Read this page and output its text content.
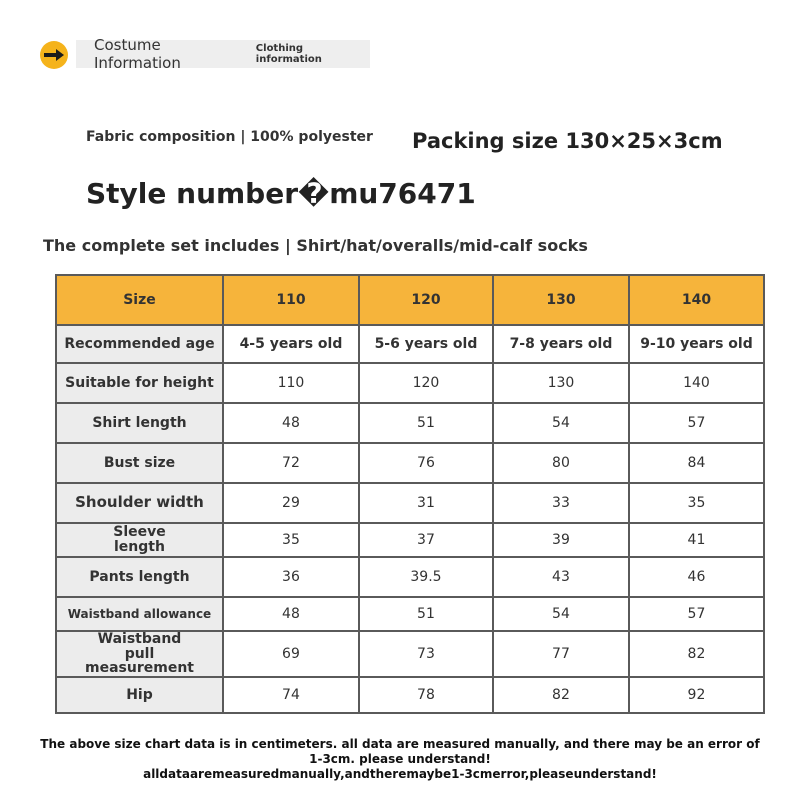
Costume Information
Clothing information
Fabric composition | 100% polyester Packing size 130×25×3cm
Style number�mu76471
The complete set includes | Shirt/hat/overalls/mid-calf socks
Size	110	120	130	140
Recommended age	4-5 years old	5-6 years old	7-8 years old	9-10 years old
Suitable for height	110	120	130	140
Shirt length	48	51	54	57
Bust size	72	76	80	84
Shoulder width	29	31	33	35
Sleeve length	35	37	39	41
Pants length	36	39.5	43	46
Waistband allowance	48	51	54	57
Waistband pull measurement	69	73	77	82
Hip	74	78	82	92
The above size chart data is in centimeters. all data are measured manually, and there may be an error of 1-3cm. please understand!
alldataaremeasuredmanually,andtheremaybe1-3cmerror,pleaseunderstand!
